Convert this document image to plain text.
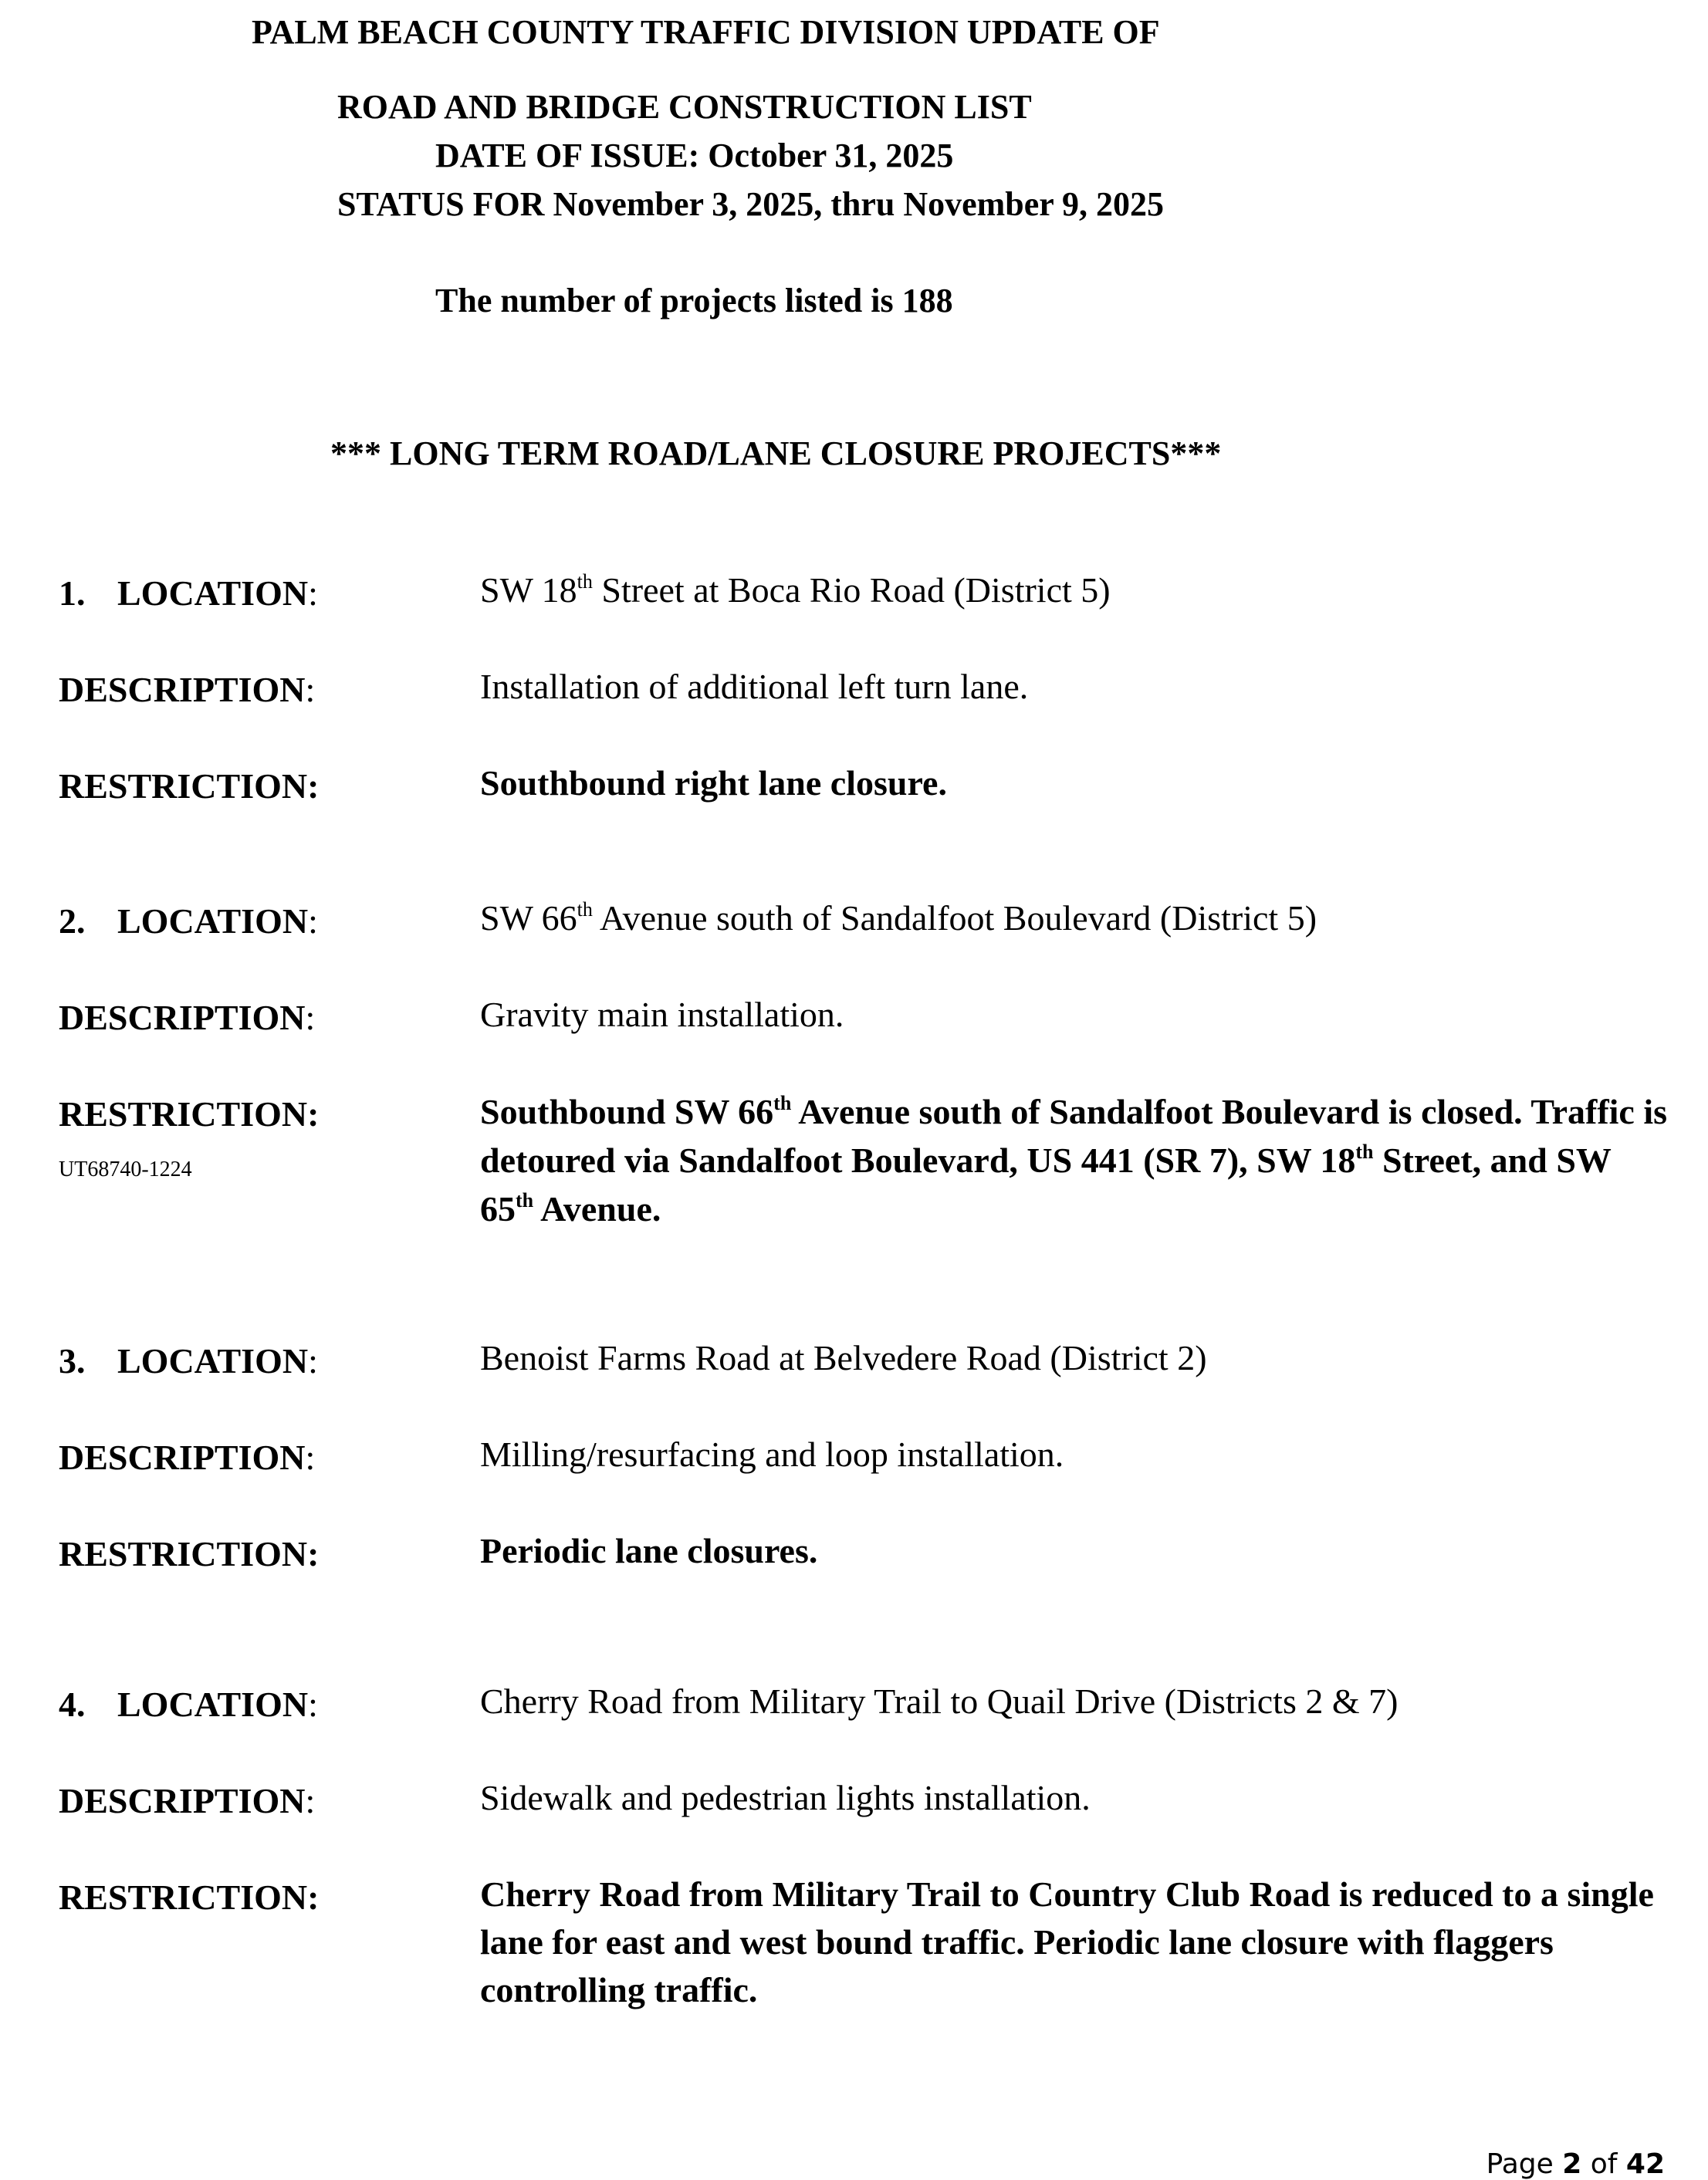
PALM BEACH COUNTY TRAFFIC DIVISION UPDATE OF
ROAD AND BRIDGE CONSTRUCTION LIST
DATE OF ISSUE: October 31, 2025
STATUS FOR November 3, 2025, thru November 9, 2025
The number of projects listed is 188
*** LONG TERM ROAD/LANE CLOSURE PROJECTS***
1. LOCATION:	SW 18th Street at Boca Rio Road (District 5)
DESCRIPTION:	Installation of additional left turn lane.
RESTRICTION:	Southbound right lane closure.
2. LOCATION:	SW 66th Avenue south of Sandalfoot Boulevard (District 5)
DESCRIPTION:	Gravity main installation.
RESTRICTION:
UT68740-1224
Southbound SW 66th Avenue south of Sandalfoot Boulevard is closed. Traffic is detoured via Sandalfoot Boulevard, US 441 (SR 7), SW 18th Street, and SW 65th Avenue.
3. LOCATION:	Benoist Farms Road at Belvedere Road (District 2)
DESCRIPTION:	Milling/resurfacing and loop installation.
RESTRICTION:	Periodic lane closures.
4. LOCATION:	Cherry Road from Military Trail to Quail Drive (Districts 2 & 7)
DESCRIPTION:	Sidewalk and pedestrian lights installation.
RESTRICTION:	Cherry Road from Military Trail to Country Club Road is reduced to a single lane for east and west bound traffic. Periodic lane closure with flaggers controlling traffic.
Page 2 of 42
